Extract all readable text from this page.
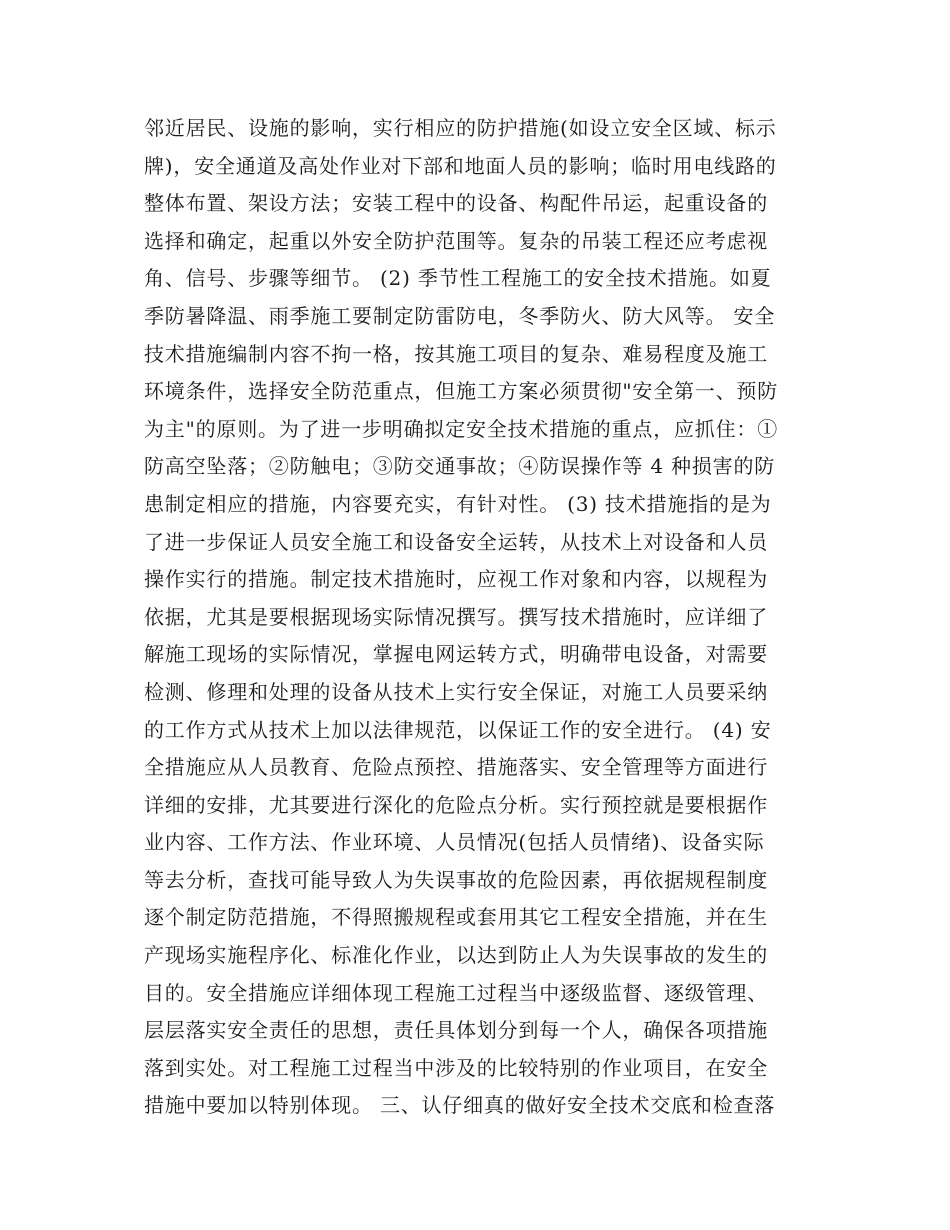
邻近居民、设施的影响，实行相应的防护措施(如设立安全区域、标示
牌)，安全通道及高处作业对下部和地面人员的影响；临时用电线路的
整体布置、架设方法；安装工程中的设备、构配件吊运，起重设备的
选择和确定，起重以外安全防护范围等。复杂的吊装工程还应考虑视
角、信号、步骤等细节。 (2) 季节性工程施工的安全技术措施。如夏
季防暑降温、雨季施工要制定防雷防电，冬季防火、防大风等。 安全
技术措施编制内容不拘一格，按其施工项目的复杂、难易程度及施工
环境条件，选择安全防范重点，但施工方案必须贯彻"安全第一、预防
为主"的原则。为了进一步明确拟定安全技术措施的重点，应抓住：①
防高空坠落；②防触电；③防交通事故；④防误操作等 4 种损害的防
患制定相应的措施，内容要充实，有针对性。 (3) 技术措施指的是为
了进一步保证人员安全施工和设备安全运转，从技术上对设备和人员
操作实行的措施。制定技术措施时，应视工作对象和内容，以规程为
依据，尤其是要根据现场实际情况撰写。撰写技术措施时，应详细了
解施工现场的实际情况，掌握电网运转方式，明确带电设备，对需要
检测、修理和处理的设备从技术上实行安全保证，对施工人员要采纳
的工作方式从技术上加以法律规范，以保证工作的安全进行。 (4) 安
全措施应从人员教育、危险点预控、措施落实、安全管理等方面进行
详细的安排，尤其要进行深化的危险点分析。实行预控就是要根据作
业内容、工作方法、作业环境、人员情况(包括人员情绪)、设备实际
等去分析，查找可能导致人为失误事故的危险因素，再依据规程制度
逐个制定防范措施，不得照搬规程或套用其它工程安全措施，并在生
产现场实施程序化、标准化作业，以达到防止人为失误事故的发生的
目的。安全措施应详细体现工程施工过程当中逐级监督、逐级管理、
层层落实安全责任的思想，责任具体划分到每一个人，确保各项措施
落到实处。对工程施工过程当中涉及的比较特别的作业项目，在安全
措施中要加以特别体现。 三、认仔细真的做好安全技术交底和检查落
